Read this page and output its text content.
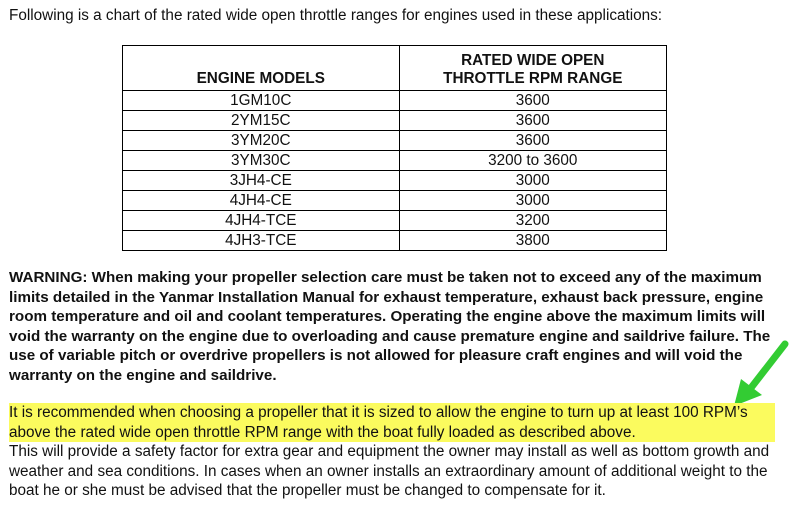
Following is a chart of the rated wide open throttle ranges for engines used in these applications:
ENGINE MODELS	RATED WIDE OPEN THROTTLE RPM RANGE
1GM10C	3600
2YM15C	3600
3YM20C	3600
3YM30C	3200 to 3600
3JH4-CE	3000
4JH4-CE	3000
4JH4-TCE	3200
4JH3-TCE	3800
WARNING: When making your propeller selection care must be taken not to exceed any of the maximum limits detailed in the Yanmar Installation Manual for exhaust temperature, exhaust back pressure, engine room temperature and oil and coolant temperatures. Operating the engine above the maximum limits will void the warranty on the engine due to overloading and cause premature engine and saildrive failure. The use of variable pitch or overdrive propellers is not allowed for pleasure craft engines and will void the warranty on the engine and saildrive.
It is recommended when choosing a propeller that it is sized to allow the engine to turn up at least 100 RPM’s above the rated wide open throttle RPM range with the boat fully loaded as described above.
This will provide a safety factor for extra gear and equipment the owner may install as well as bottom growth and weather and sea conditions. In cases when an owner installs an extraordinary amount of additional weight to the boat he or she must be advised that the propeller must be changed to compensate for it.
